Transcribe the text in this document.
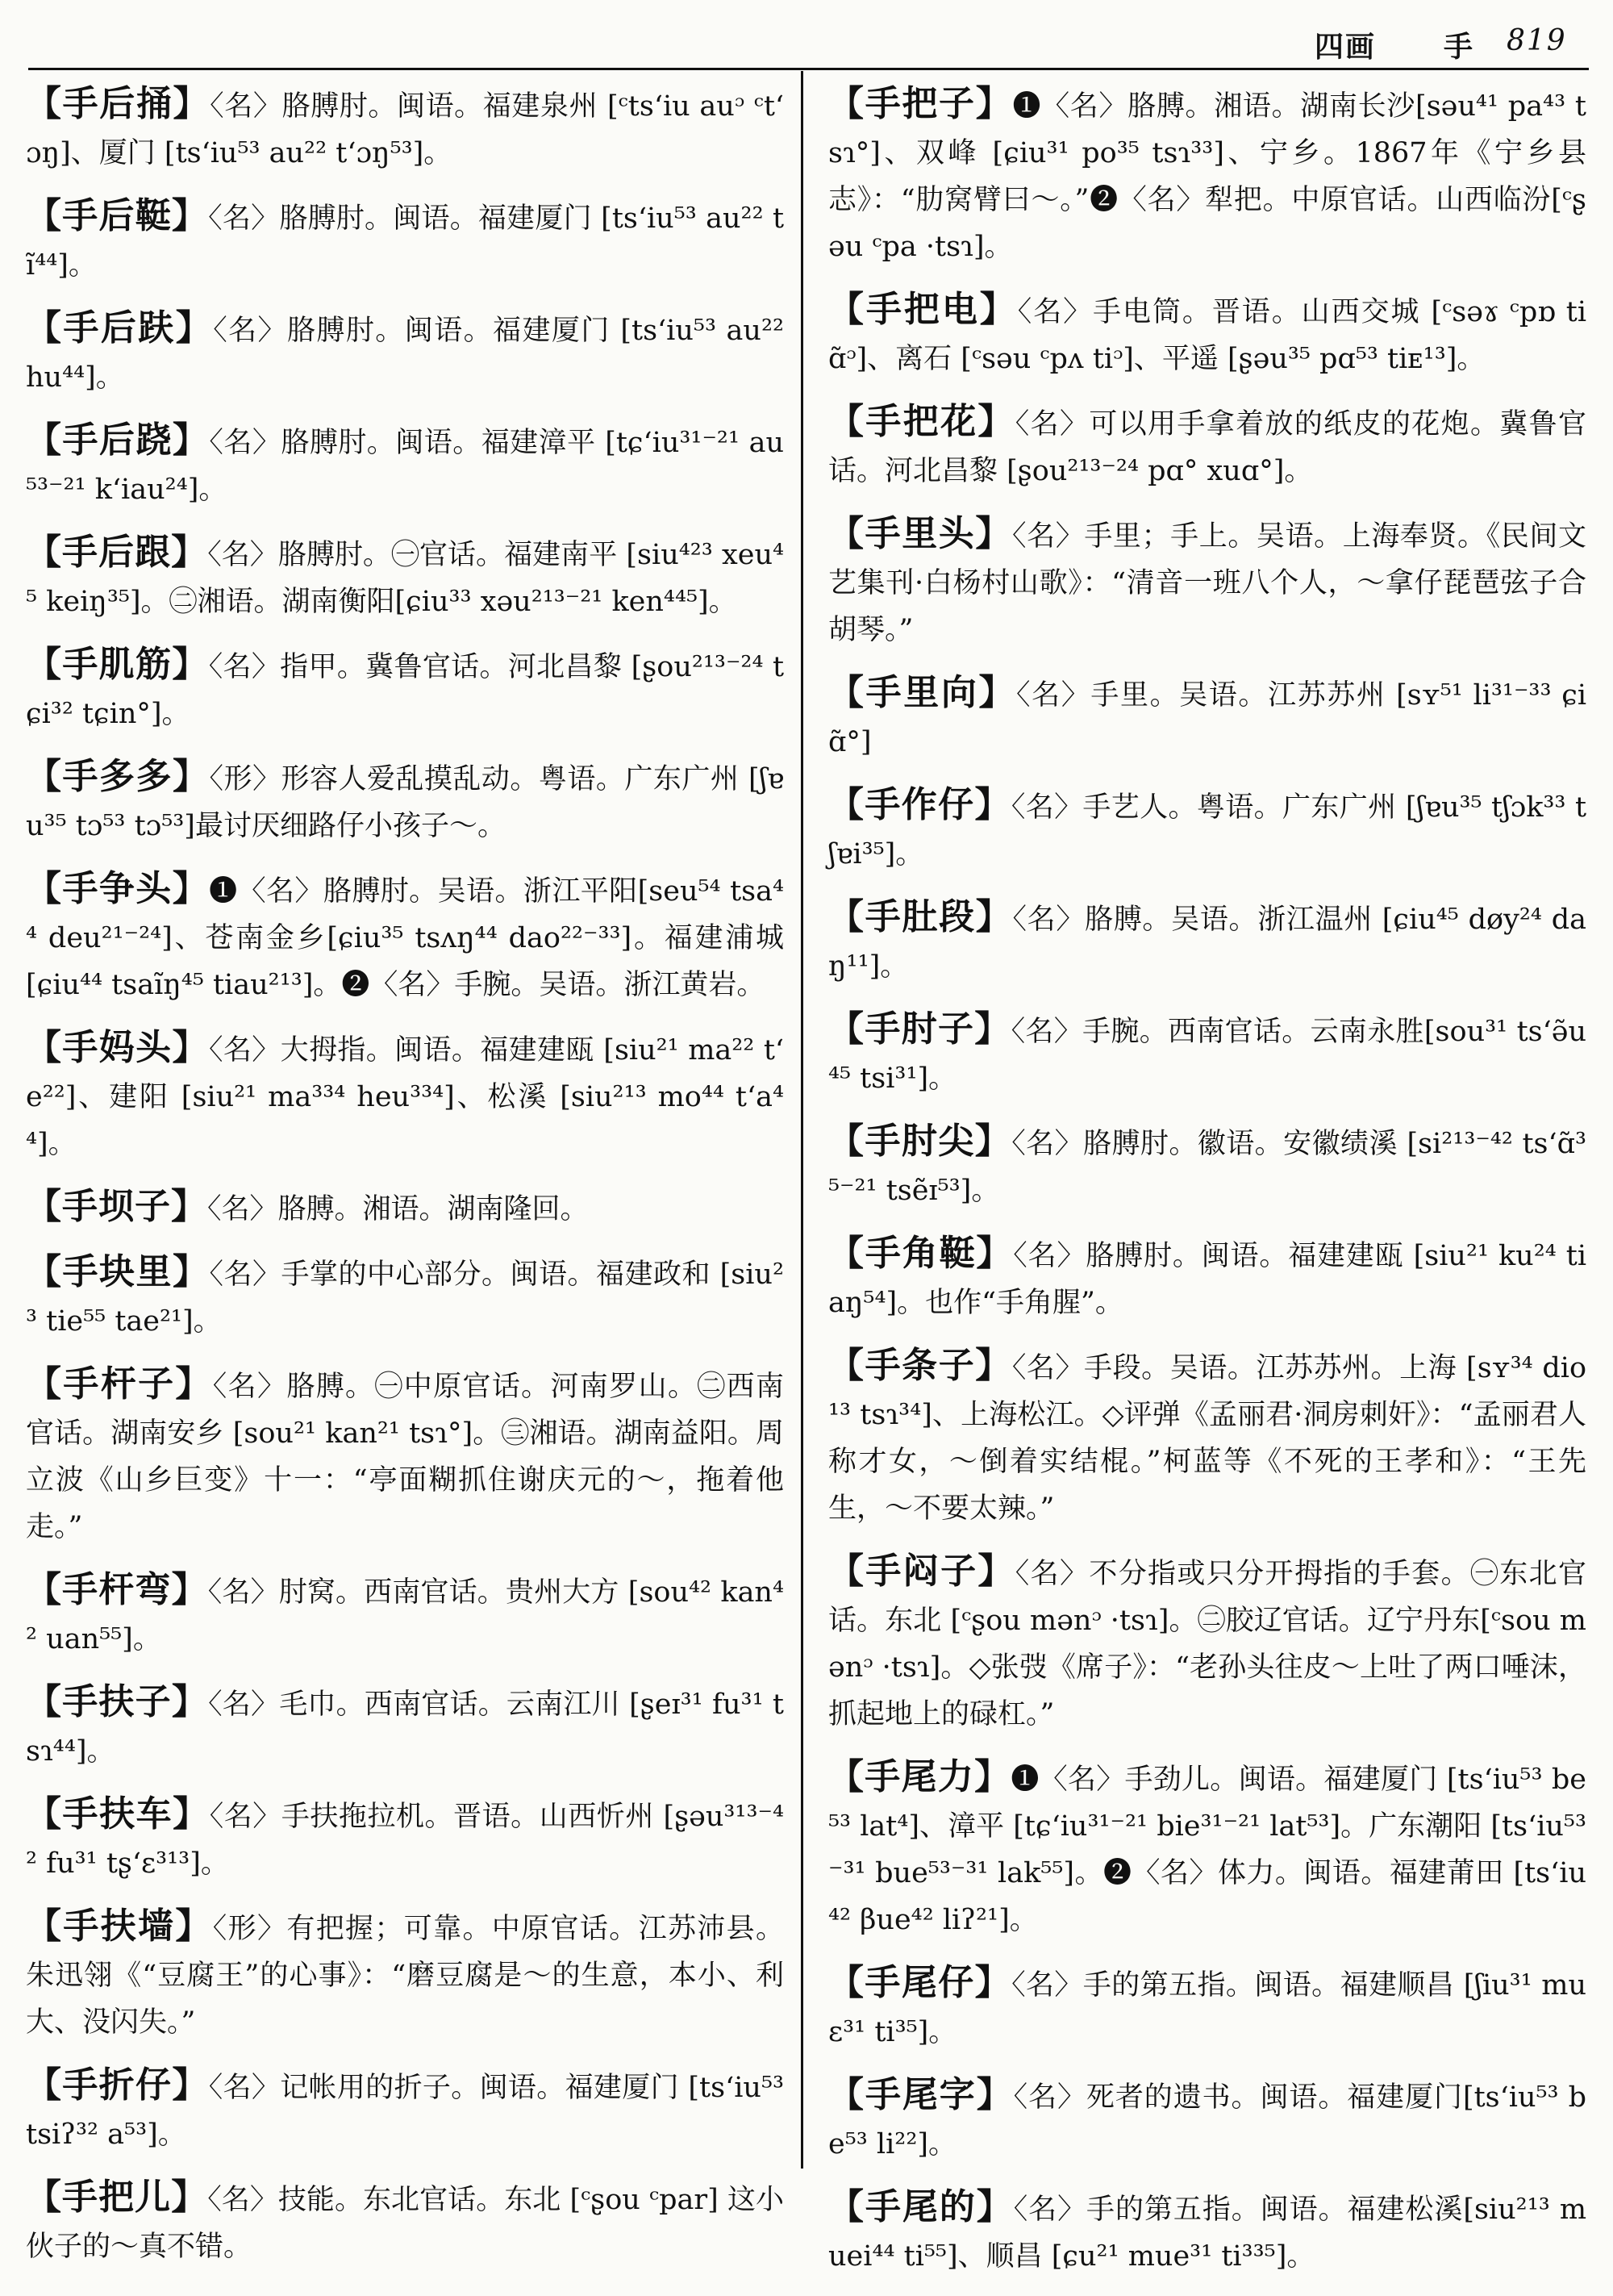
四画 手 819
【 手后捅 】 〈名〉胳膊肘。闽语。福建泉州 [ᶜtsʻiu auᵓ ᶜtʻɔŋ]、厦门 [tsʻiu⁵³ au²² tʻɔŋ⁵³]。
【 手后䩠 】 〈名〉胳膊肘。闽语。福建厦门 [tsʻiu⁵³ au²² tĩ⁴⁴]。
【 手后趺 】 〈名〉胳膊肘。闽语。福建厦门 [tsʻiu⁵³ au²² hu⁴⁴]。
【 手后跷 】 〈名〉胳膊肘。闽语。福建漳平 [tɕʻiu³¹⁻²¹ au⁵³⁻²¹ kʻiau²⁴]。
【 手后跟 】 〈名〉胳膊肘。㊀官话。福建南平 [siu⁴²³ xeu⁴⁵ keiŋ³⁵]。㊁湘语。湖南衡阳[ɕiu³³ xəu²¹³⁻²¹ ken⁴⁴⁵]。
【 手肌筋 】 〈名〉指甲。冀鲁官话。河北昌黎 [ʂou²¹³⁻²⁴ tɕi³² tɕin°]。
【 手多多 】 〈形〉形容人爱乱摸乱动。粤语。广东广州 [ʃɐu³⁵ tɔ⁵³ tɔ⁵³]最讨厌细路仔小孩子～。
【 手争头 】 ❶〈名〉胳膊肘。吴语。浙江平阳[seu⁵⁴ tsa⁴⁴ deu²¹⁻²⁴]、苍南金乡[ɕiu³⁵ tsʌŋ⁴⁴ dao²²⁻³³]。福建浦城 [ɕiu⁴⁴ tsaĩŋ⁴⁵ tiau²¹³]。❷〈名〉手腕。吴语。浙江黄岩。
【 手妈头 】 〈名〉大拇指。闽语。福建建瓯 [siu²¹ ma²² tʻe²²]、建阳 [siu²¹ ma³³⁴ heu³³⁴]、松溪 [siu²¹³ mo⁴⁴ tʻa⁴⁴]。
【 手坝子 】 〈名〉胳膊。湘语。湖南隆回。
【 手块里 】 〈名〉手掌的中心部分。闽语。福建政和 [siu²³ tie⁵⁵ tae²¹]。
【 手杆子 】 〈名〉胳膊。㊀中原官话。河南罗山。㊁西南官话。湖南安乡 [sou²¹ kan²¹ tsɿ°]。㊂湘语。湖南益阳。周立波《山乡巨变》十一：“亭面糊抓住谢庆元的～，拖着他走。”
【 手杆弯 】 〈名〉肘窝。西南官话。贵州大方 [sou⁴² kan⁴² uan⁵⁵]。
【 手扶子 】 〈名〉毛巾。西南官话。云南江川 [ʂeɪ³¹ fu³¹ tsɿ⁴⁴]。
【 手扶车 】 〈名〉手扶拖拉机。晋语。山西忻州 [ʂəu³¹³⁻⁴² fu³¹ tʂʻɛ³¹³]。
【 手扶墙 】 〈形〉有把握；可靠。中原官话。江苏沛县。朱迅翎《“豆腐王”的心事》：“磨豆腐是～的生意，本小、利大、没闪失。”
【 手折仔 】 〈名〉记帐用的折子。闽语。福建厦门 [tsʻiu⁵³ tsiʔ³² a⁵³]。
【 手把儿 】 〈名〉技能。东北官话。东北 [ᶜʂou ᶜpar] 这小伙子的～真不错。
【 手把子 】 ❶〈名〉胳膊。湘语。湖南长沙[səu⁴¹ pa⁴³ tsɿ°]、双峰 [ɕiu³¹ po³⁵ tsɿ³³]、宁乡。1867年《宁乡县志》：“肋窝臂曰～。”❷〈名〉犁把。中原官话。山西临汾[ᶜʂəu ᶜpa ·tsɿ]。
【 手把电 】 〈名〉手电筒。晋语。山西交城 [ᶜsəɤ ᶜpɒ tiɑ̃ᵓ]、离石 [ᶜsəu ᶜpʌ tiᵓ]、平遥 [ʂəu³⁵ pɑ⁵³ tiᴇ¹³]。
【 手把花 】 〈名〉可以用手拿着放的纸皮的花炮。冀鲁官话。河北昌黎 [ʂou²¹³⁻²⁴ pɑ° xuɑ°]。
【 手里头 】 〈名〉手里；手上。吴语。上海奉贤。《民间文艺集刊·白杨村山歌》：“清音一班八个人，～拿仔琵琶弦子合胡琴。”
【 手里向 】 〈名〉手里。吴语。江苏苏州 [sʏ⁵¹ li³¹⁻³³ ɕiɑ̃°]
【 手作仔 】 〈名〉手艺人。粤语。广东广州 [ʃɐu³⁵ tʃɔk³³ tʃɐi³⁵]。
【 手肚段 】 〈名〉胳膊。吴语。浙江温州 [ɕiu⁴⁵ døy²⁴ daŋ¹¹]。
【 手肘子 】 〈名〉手腕。西南官话。云南永胜[sou³¹ tsʻə̃u⁴⁵ tsi³¹]。
【 手肘尖 】 〈名〉胳膊肘。徽语。安徽绩溪 [si²¹³⁻⁴² tsʻɑ̃³⁵⁻²¹ tsẽɪ⁵³]。
【 手角䩠 】 〈名〉胳膊肘。闽语。福建建瓯 [siu²¹ ku²⁴ tiaŋ⁵⁴]。也作“手角腥”。
【 手条子 】 〈名〉手段。吴语。江苏苏州。上海 [sʏ³⁴ dio¹³ tsɿ³⁴]、上海松江。◇评弹《孟丽君·洞房刺奸》：“孟丽君人称才女，～倒着实结棍。”柯蓝等《不死的王孝和》：“王先生，～不要太辣。”
【 手闷子 】 〈名〉不分指或只分开拇指的手套。㊀东北官话。东北 [ᶜʂou mənᵓ ·tsɿ]。㊁胶辽官话。辽宁丹东[ᶜsou mənᵓ ·tsɿ]。◇张弢《席子》：“老孙头往皮～上吐了两口唾沫，抓起地上的碌杠。”
【 手尾力 】 ❶〈名〉手劲儿。闽语。福建厦门 [tsʻiu⁵³ be⁵³ lat⁴]、漳平 [tɕʻiu³¹⁻²¹ bie³¹⁻²¹ lat⁵³]。广东潮阳 [tsʻiu⁵³⁻³¹ bue⁵³⁻³¹ lak⁵⁵]。❷〈名〉体力。闽语。福建莆田 [tsʻiu⁴² βue⁴² liʔ²¹]。
【 手尾仔 】 〈名〉手的第五指。闽语。福建顺昌 [ʃiu³¹ muɛ³¹ ti³⁵]。
【 手尾字 】 〈名〉死者的遗书。闽语。福建厦门[tsʻiu⁵³ be⁵³ li²²]。
【 手尾的 】 〈名〉手的第五指。闽语。福建松溪[siu²¹³ muei⁴⁴ ti⁵⁵]、顺昌 [ɕu²¹ mue³¹ ti³³⁵]。
